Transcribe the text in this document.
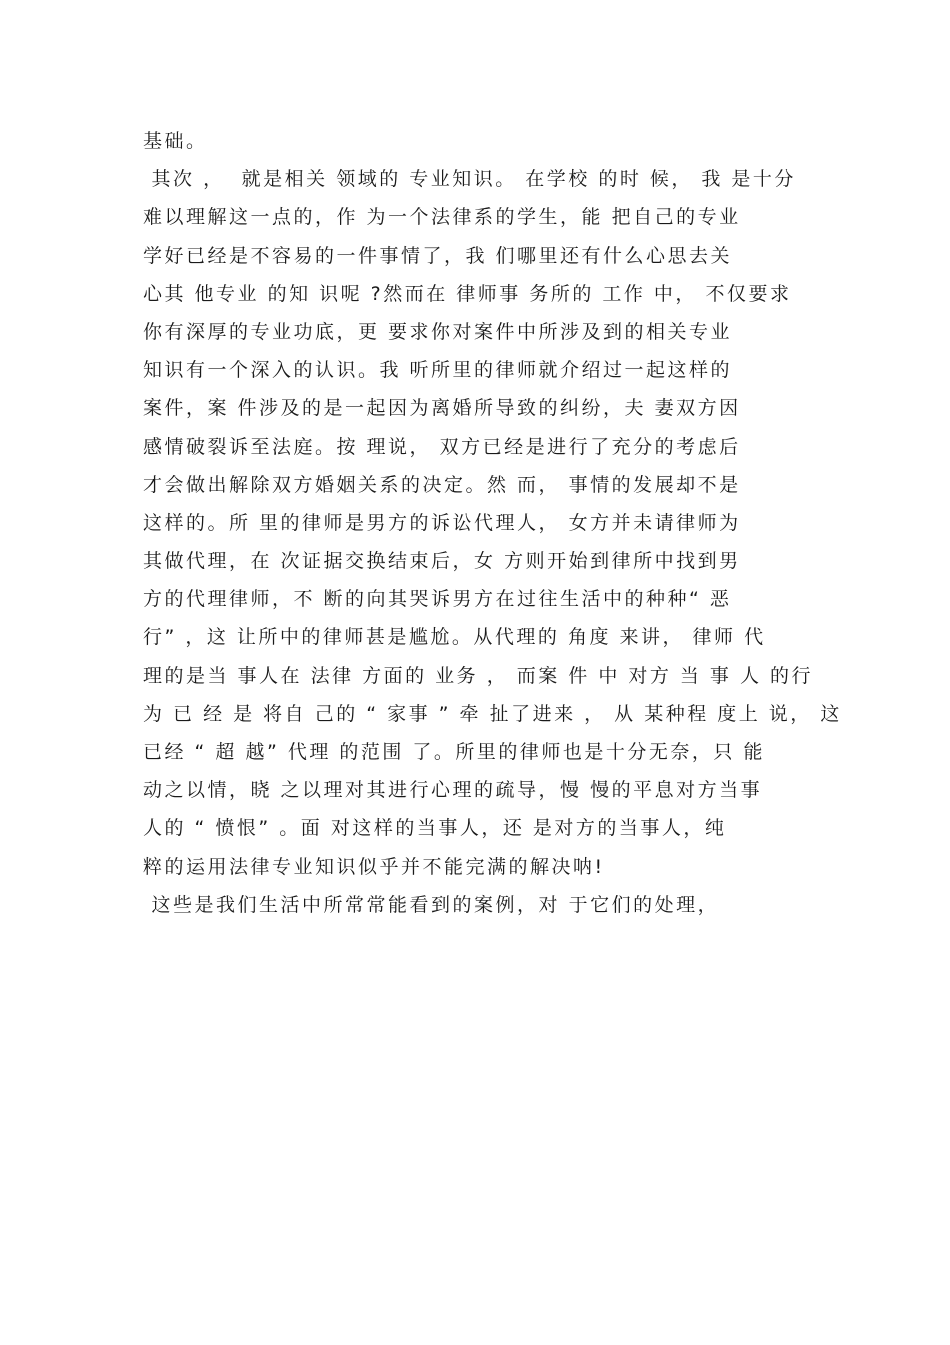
基础。
其次 ，  就是相关 领域的 专业知识。 在学校 的时 候， 我 是十分
难以理解这一点的，作 为一个法律系的学生，能 把自己的专业
学好已经是不容易的一件事情了，我 们哪里还有什么心思去关
心其 他专业 的知 识呢 ?然而在 律师事 务所的 工作 中， 不仅要求
你有深厚的专业功底，更 要求你对案件中所涉及到的相关专业
知识有一个深入的认识。我 听所里的律师就介绍过一起这样的
案件，案 件涉及的是一起因为离婚所导致的纠纷，夫 妻双方因
感情破裂诉至法庭。按 理说， 双方已经是进行了充分的考虑后
才会做出解除双方婚姻关系的决定。然 而， 事情的发展却不是
这样的。所 里的律师是男方的诉讼代理人， 女方并未请律师为
其做代理，在 次证据交换结束后，女 方则开始到律所中找到男
方的代理律师，不 断的向其哭诉男方在过往生活中的种种“ 恶
行” ，这 让所中的律师甚是尴尬。从代理的 角度 来讲， 律师 代
理的是当 事人在 法律 方面的 业务 ， 而案 件 中 对方 当 事 人 的行
为 已 经 是 将自 己的 “ 家事 ” 牵 扯了进来 ， 从 某种程 度上 说， 这
已经 “ 超 越” 代理 的范围 了。所里的律师也是十分无奈，只 能
动之以情，晓 之以理对其进行心理的疏导，慢 慢的平息对方当事
人的 “ 愤恨” 。面 对这样的当事人，还 是对方的当事人，纯
粹的运用法律专业知识似乎并不能完满的解决呐!
这些是我们生活中所常常能看到的案例，对 于它们的处理，
